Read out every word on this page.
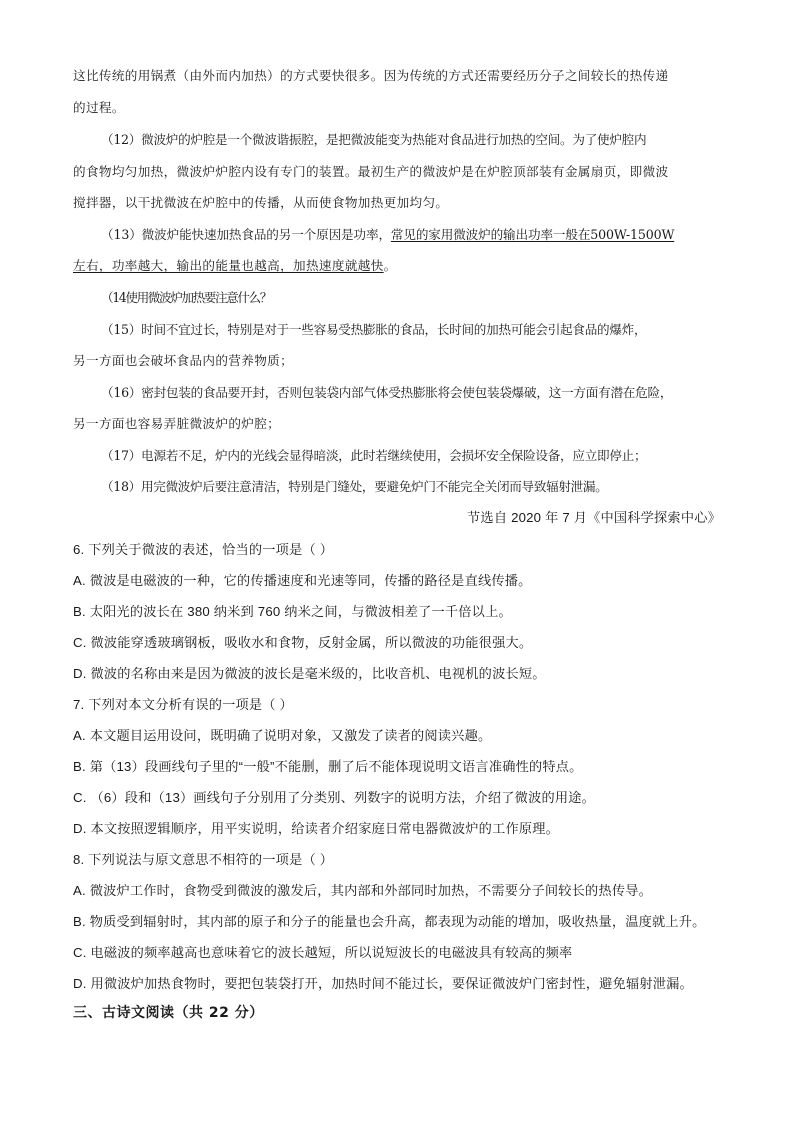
这比传统的用锅煮（由外而内加热）的方式要快很多。因为传统的方式还需要经历分子之间较长的热传递
的过程。
（12）微波炉的炉腔是一个微波谐振腔，是把微波能变为热能对食品进行加热的空间。为了使炉腔内
的食物均匀加热，微波炉炉腔内设有专门的装置。最初生产的微波炉是在炉腔顶部装有金属扇页，即微波
搅拌器，以干扰微波在炉腔中的传播，从而使食物加热更加均匀。
（13）微波炉能快速加热食品的另一个原因是功率，常见的家用微波炉的输出功率一般在500W-1500W
左右，功率越大，输出的能量也越高，加热速度就越快。
（14使用微波炉加热要注意什么？
（15）时间不宜过长，特别是对于一些容易受热膨胀的食品，长时间的加热可能会引起食品的爆炸，
另一方面也会破坏食品内的营养物质；
（16）密封包装的食品要开封，否则包装袋内部气体受热膨胀将会使包装袋爆破，这一方面有潜在危险，
另一方面也容易弄脏微波炉的炉腔；
（17）电源若不足，炉内的光线会显得暗淡，此时若继续使用，会损坏安全保险设备，应立即停止；
（18）用完微波炉后要注意清洁，特别是门缝处，要避免炉门不能完全关闭而导致辐射泄漏。
节选自 2020 年 7 月《中国科学探索中心》
6. 下列关于微波的表述，恰当的一项是（ ）
A. 微波是电磁波的一种，它的传播速度和光速等同，传播的路径是直线传播。
B. 太阳光的波长在 380 纳米到 760 纳米之间，与微波相差了一千倍以上。
C. 微波能穿透玻璃钢板，吸收水和食物，反射金属，所以微波的功能很强大。
D. 微波的名称由来是因为微波的波长是毫米级的，比收音机、电视机的波长短。
7. 下列对本文分析有误的一项是（ ）
A. 本文题目运用设问，既明确了说明对象，又激发了读者的阅读兴趣。
B. 第（13）段画线句子里的“一般”不能删，删了后不能体现说明文语言准确性的特点。
C. （6）段和（13）画线句子分别用了分类别、列数字的说明方法，介绍了微波的用途。
D. 本文按照逻辑顺序，用平实说明，给读者介绍家庭日常电器微波炉的工作原理。
8. 下列说法与原文意思不相符的一项是（ ）
A. 微波炉工作时，食物受到微波的激发后，其内部和外部同时加热，不需要分子间较长的热传导。
B. 物质受到辐射时，其内部的原子和分子的能量也会升高，都表现为动能的增加，吸收热量，温度就上升。
C. 电磁波的频率越高也意味着它的波长越短，所以说短波长的电磁波具有较高的频率
D. 用微波炉加热食物时，要把包装袋打开，加热时间不能过长，要保证微波炉门密封性，避免辐射泄漏。
三、古诗文阅读（共 22 分）
